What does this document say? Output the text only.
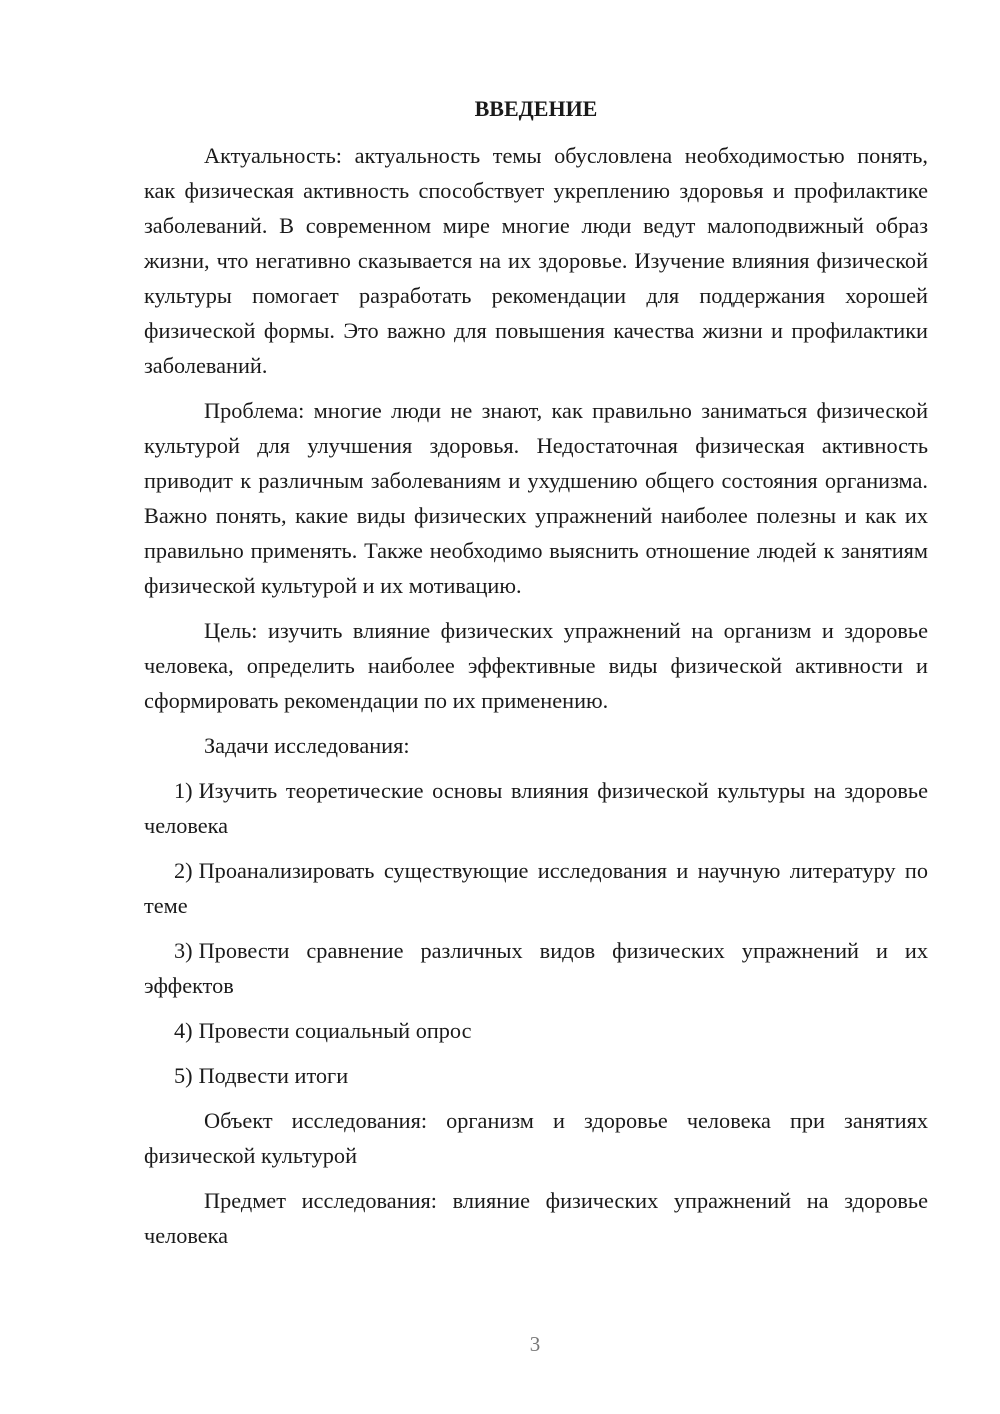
ВВЕДЕНИЕ

Актуальность: актуальность темы обусловлена необходимостью понять, как физическая активность способствует укреплению здоровья и профилактике заболеваний. В современном мире многие люди ведут малоподвижный образ жизни, что негативно сказывается на их здоровье. Изучение влияния физической культуры помогает разработать рекомендации для поддержания хорошей физической формы. Это важно для повышения качества жизни и профилактики заболеваний.

Проблема: многие люди не знают, как правильно заниматься физической культурой для улучшения здоровья. Недостаточная физическая активность приводит к различным заболеваниям и ухудшению общего состояния организма. Важно понять, какие виды физических упражнений наиболее полезны и как их правильно применять. Также необходимо выяснить отношение людей к занятиям физической культурой и их мотивацию.

Цель: изучить влияние физических упражнений на организм и здоровье человека, определить наиболее эффективные виды физической активности и сформировать рекомендации по их применению.

Задачи исследования:

1) Изучить теоретические основы влияния физической культуры на здоровье человека

2) Проанализировать существующие исследования и научную литературу по теме

3) Провести сравнение различных видов физических упражнений и их эффектов

4) Провести социальный опрос

5) Подвести итоги

Объект исследования: организм и здоровье человека при занятиях физической культурой

Предмет исследования: влияние физических упражнений на здоровье человека

3
